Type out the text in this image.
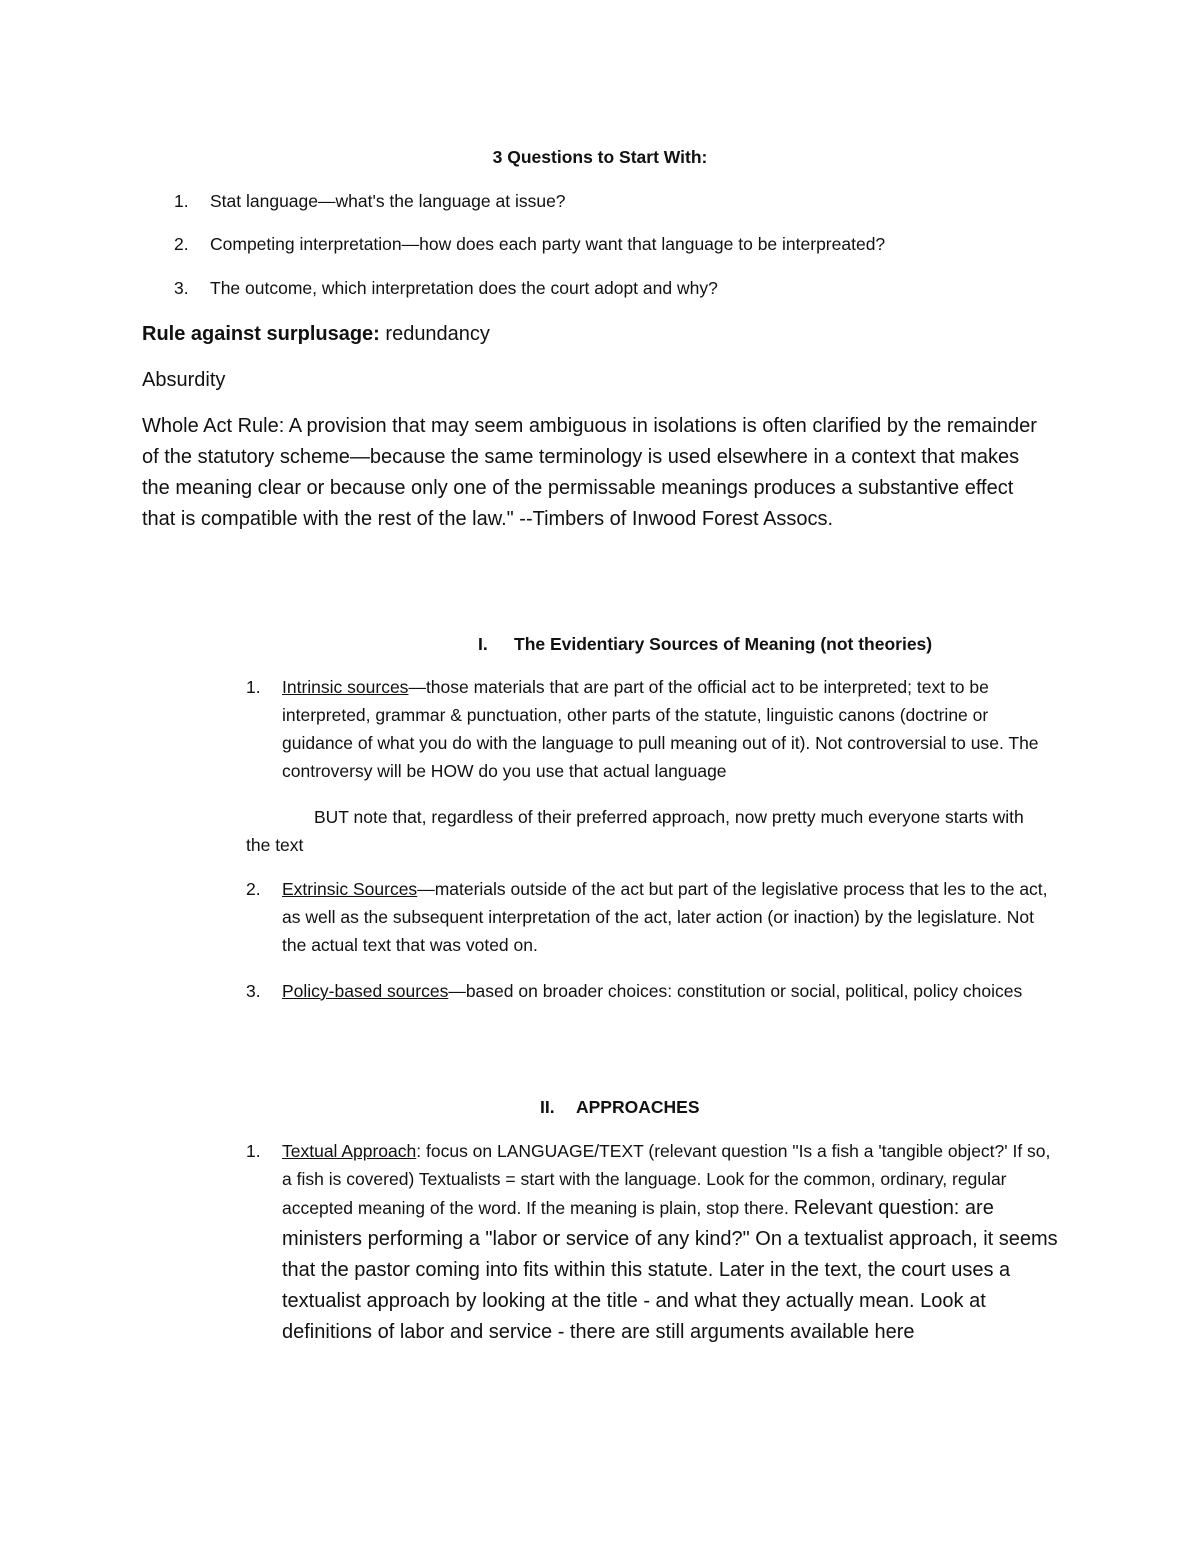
3 Questions to Start With:
1. Stat language—what's the language at issue?
2. Competing interpretation—how does each party want that language to be interpreated?
3. The outcome, which interpretation does the court adopt and why?
Rule against surplusage: redundancy
Absurdity
Whole Act Rule: A provision that may seem ambiguous in isolations is often clarified by the remainder of the statutory scheme—because the same terminology is used elsewhere in a context that makes the meaning clear or because only one of the permissable meanings produces a substantive effect that is compatible with the rest of the law." --Timbers of Inwood Forest Assocs.
I. The Evidentiary Sources of Meaning (not theories)
1. Intrinsic sources—those materials that are part of the official act to be interpreted; text to be interpreted, grammar & punctuation, other parts of the statute, linguistic canons (doctrine or guidance of what you do with the language to pull meaning out of it). Not controversial to use. The controversy will be HOW do you use that actual language
BUT note that, regardless of their preferred approach, now pretty much everyone starts with the text
2. Extrinsic Sources—materials outside of the act but part of the legislative process that les to the act, as well as the subsequent interpretation of the act, later action (or inaction) by the legislature. Not the actual text that was voted on.
3. Policy-based sources—based on broader choices: constitution or social, political, policy choices
II. APPROACHES
1. Textual Approach: focus on LANGUAGE/TEXT (relevant question "Is a fish a 'tangible object?' If so, a fish is covered) Textualists = start with the language. Look for the common, ordinary, regular accepted meaning of the word. If the meaning is plain, stop there. Relevant question: are ministers performing a "labor or service of any kind?" On a textualist approach, it seems that the pastor coming into fits within this statute. Later in the text, the court uses a textualist approach by looking at the title - and what they actually mean. Look at definitions of labor and service - there are still arguments available here
